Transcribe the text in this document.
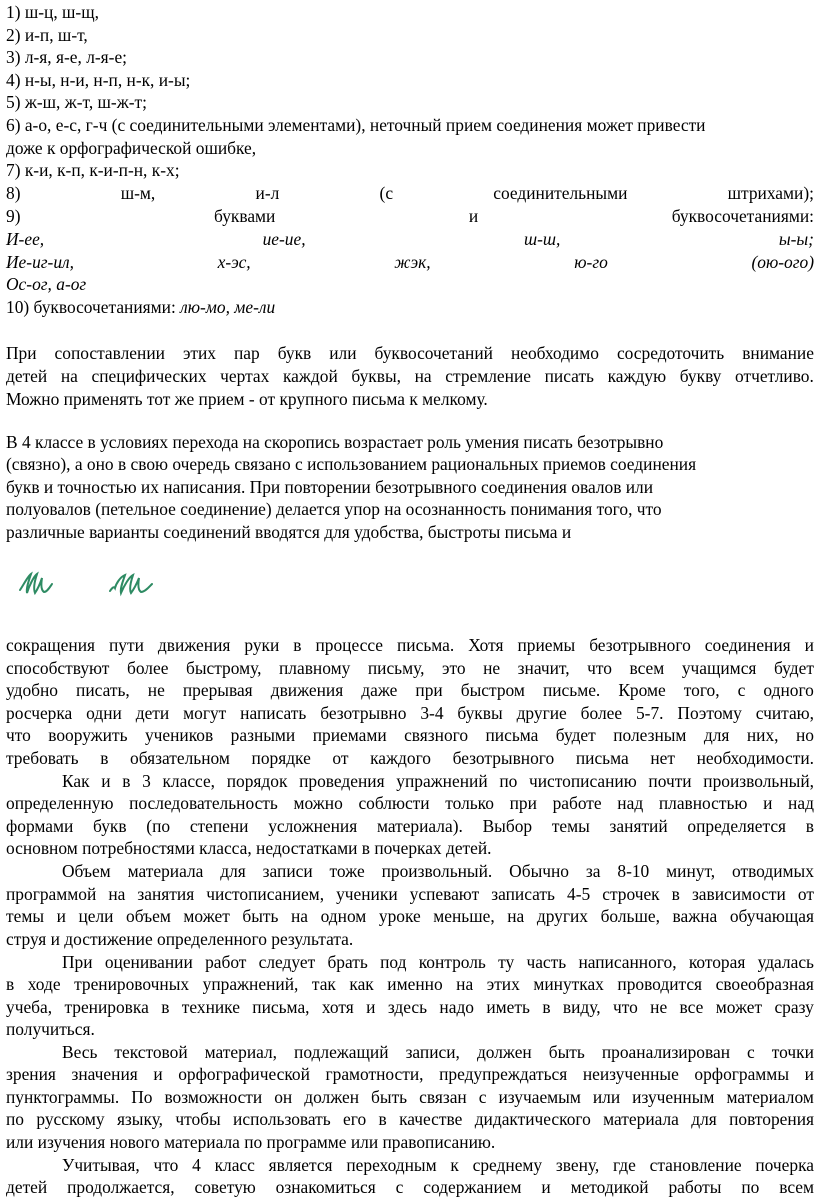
1) ш-ц, ш-щ,
2) и-п, ш-т,
3) л-я, я-е, л-я-е;
4) н-ы, н-и, н-п, н-к, и-ы;
5) ж-ш, ж-т, ш-ж-т;
6) а-о, е-с, г-ч (с соединительными элементами), неточный прием соединения может привести
доже к орфографической ошибке,
7) к-и, к-п, к-и-п-н, к-х;
8)	ш-м,	и-л	(с	соединительными	штрихами);
9)	буквами	и	буквосочетаниями:
И-ее,	ие-ие,	ш-ш,	ы-ы;
Ие-иг-ил,	х-эс,	жэк,	ю-го	(ою-ого)
Ос-ог, а-ог
10) буквосочетаниями: лю-мо, ме-ли
При сопоставлении этих пар букв или буквосочетаний необходимо сосредоточить внимание
детей на специфических чертах каждой буквы, на стремление писать каждую букву отчетливо.
Можно применять тот же прием - от крупного письма к мелкому.
В 4 классе в условиях перехода на скоропись возрастает роль умения писать безотрывно
(связно), а оно в свою очередь связано с использованием рациональных приемов соединения
букв и точностью их написания. При повторении безотрывного соединения овалов или
полуовалов (петельное соединение) делается упор на осознанность понимания того, что
различные варианты соединений вводятся для удобства, быстроты письма и
сокращения пути движения руки в процессе письма. Хотя приемы безотрывного соединения и
способствуют более быстрому, плавному письму, это не значит, что всем учащимся будет
удобно писать, не прерывая движения даже при быстром письме. Кроме того, с одного
росчерка одни дети могут написать безотрывно 3-4 буквы другие более 5-7. Поэтому считаю,
что вооружить учеников разными приемами связного письма будет полезным для них, но
требовать в обязательном порядке от каждого безотрывного письма нет необходимости.
Как и в 3 классе, порядок проведения упражнений по чистописанию почти произвольный,
определенную последовательность можно соблюсти только при работе над плавностью и над
формами букв (по степени усложнения материала). Выбор темы занятий определяется в
основном потребностями класса, недостатками в почерках детей.
Объем материала для записи тоже произвольный. Обычно за 8-10 минут, отводимых
программой на занятия чистописанием, ученики успевают записать 4-5 строчек в зависимости от
темы и цели объем может быть на одном уроке меньше, на других больше, важна обучающая
струя и достижение определенного результата.
При оценивании работ следует брать под контроль ту часть написанного, которая удалась
в ходе тренировочных упражнений, так как именно на этих минутках проводится своеобразная
учеба, тренировка в технике письма, хотя и здесь надо иметь в виду, что не все может сразу
получиться.
Весь текстовой материал, подлежащий записи, должен быть проанализирован с точки
зрения значения и орфографической грамотности, предупреждаться неизученные орфограммы и
пунктограммы. По возможности он должен быть связан с изучаемым или изученным материалом
по русскому языку, чтобы использовать его в качестве дидактического материала для повторения
или изучения нового материала по программе или правописанию.
Учитывая, что 4 класс является переходным к среднему звену, где становление почерка
детей продолжается, советую ознакомиться с содержанием и методикой работы по всем
